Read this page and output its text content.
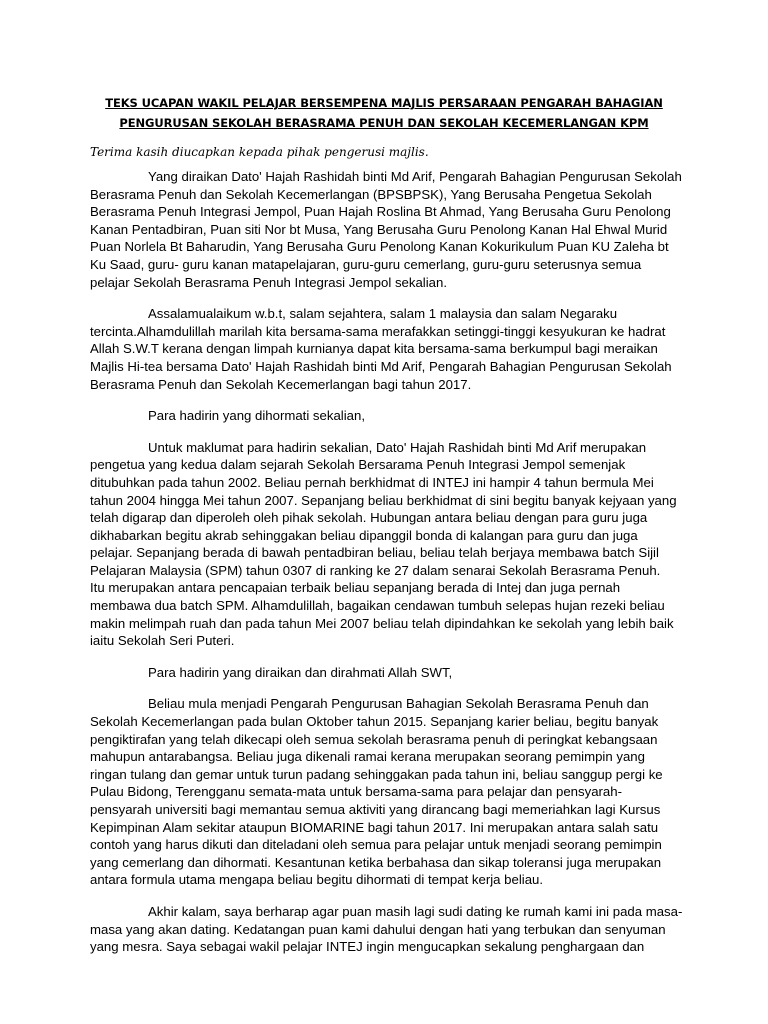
TEKS UCAPAN WAKIL PELAJAR BERSEMPENA MAJLIS PERSARAAN PENGARAH BAHAGIAN
PENGURUSAN SEKOLAH BERASRAMA PENUH DAN SEKOLAH KECEMERLANGAN KPM
Terima kasih diucapkan kepada pihak pengerusi majlis.
Yang diraikan Dato' Hajah Rashidah binti Md Arif, Pengarah Bahagian Pengurusan Sekolah
Berasrama Penuh dan Sekolah Kecemerlangan (BPSBPSK), Yang Berusaha Pengetua Sekolah
Berasrama Penuh Integrasi Jempol, Puan Hajah Roslina Bt Ahmad, Yang Berusaha Guru Penolong
Kanan Pentadbiran, Puan siti Nor bt Musa, Yang Berusaha Guru Penolong Kanan Hal Ehwal Murid
Puan Norlela Bt Baharudin, Yang Berusaha Guru Penolong Kanan Kokurikulum Puan KU Zaleha bt
Ku Saad, guru- guru kanan matapelajaran, guru-guru cemerlang, guru-guru seterusnya semua
pelajar Sekolah Berasrama Penuh Integrasi Jempol sekalian.
Assalamualaikum w.b.t, salam sejahtera, salam 1 malaysia dan salam Negaraku
tercinta.Alhamdulillah marilah kita bersama-sama merafakkan setinggi-tinggi kesyukuran ke hadrat
Allah S.W.T kerana dengan limpah kurnianya dapat kita bersama-sama berkumpul bagi meraikan
Majlis Hi-tea bersama Dato' Hajah Rashidah binti Md Arif, Pengarah Bahagian Pengurusan Sekolah
Berasrama Penuh dan Sekolah Kecemerlangan bagi tahun 2017.
Para hadirin yang dihormati sekalian,
Untuk maklumat para hadirin sekalian, Dato' Hajah Rashidah binti Md Arif merupakan
pengetua yang kedua dalam sejarah Sekolah Bersarama Penuh Integrasi Jempol semenjak
ditubuhkan pada tahun 2002. Beliau pernah berkhidmat di INTEJ ini hampir 4 tahun bermula Mei
tahun 2004 hingga Mei tahun 2007. Sepanjang beliau berkhidmat di sini begitu banyak kejyaan yang
telah digarap dan diperoleh oleh pihak sekolah. Hubungan antara beliau dengan para guru juga
dikhabarkan begitu akrab sehinggakan beliau dipanggil bonda di kalangan para guru dan juga
pelajar. Sepanjang berada di bawah pentadbiran beliau, beliau telah berjaya membawa batch Sijil
Pelajaran Malaysia (SPM) tahun 0307 di ranking ke 27 dalam senarai Sekolah Berasrama Penuh.
Itu merupakan antara pencapaian terbaik beliau sepanjang berada di Intej dan juga pernah
membawa dua batch SPM. Alhamdulillah, bagaikan cendawan tumbuh selepas hujan rezeki beliau
makin melimpah ruah dan pada tahun Mei 2007 beliau telah dipindahkan ke sekolah yang lebih baik
iaitu Sekolah Seri Puteri.
Para hadirin yang diraikan dan dirahmati Allah SWT,
Beliau mula menjadi Pengarah Pengurusan Bahagian Sekolah Berasrama Penuh dan
Sekolah Kecemerlangan pada bulan Oktober tahun 2015. Sepanjang karier beliau, begitu banyak
pengiktirafan yang telah dikecapi oleh semua sekolah berasrama penuh di peringkat kebangsaan
mahupun antarabangsa. Beliau juga dikenali ramai kerana merupakan seorang pemimpin yang
ringan tulang dan gemar untuk turun padang sehinggakan pada tahun ini, beliau sanggup pergi ke
Pulau Bidong, Terengganu semata-mata untuk bersama-sama para pelajar dan pensyarah-
pensyarah universiti bagi memantau semua aktiviti yang dirancang bagi memeriahkan lagi Kursus
Kepimpinan Alam sekitar ataupun BIOMARINE bagi tahun 2017. Ini merupakan antara salah satu
contoh yang harus dikuti dan diteladani oleh semua para pelajar untuk menjadi seorang pemimpin
yang cemerlang dan dihormati. Kesantunan ketika berbahasa dan sikap toleransi juga merupakan
antara formula utama mengapa beliau begitu dihormati di tempat kerja beliau.
Akhir kalam, saya berharap agar puan masih lagi sudi dating ke rumah kami ini pada masa-
masa yang akan dating. Kedatangan puan kami dahului dengan hati yang terbukan dan senyuman
yang mesra. Saya sebagai wakil pelajar INTEJ ingin mengucapkan sekalung penghargaan dan
